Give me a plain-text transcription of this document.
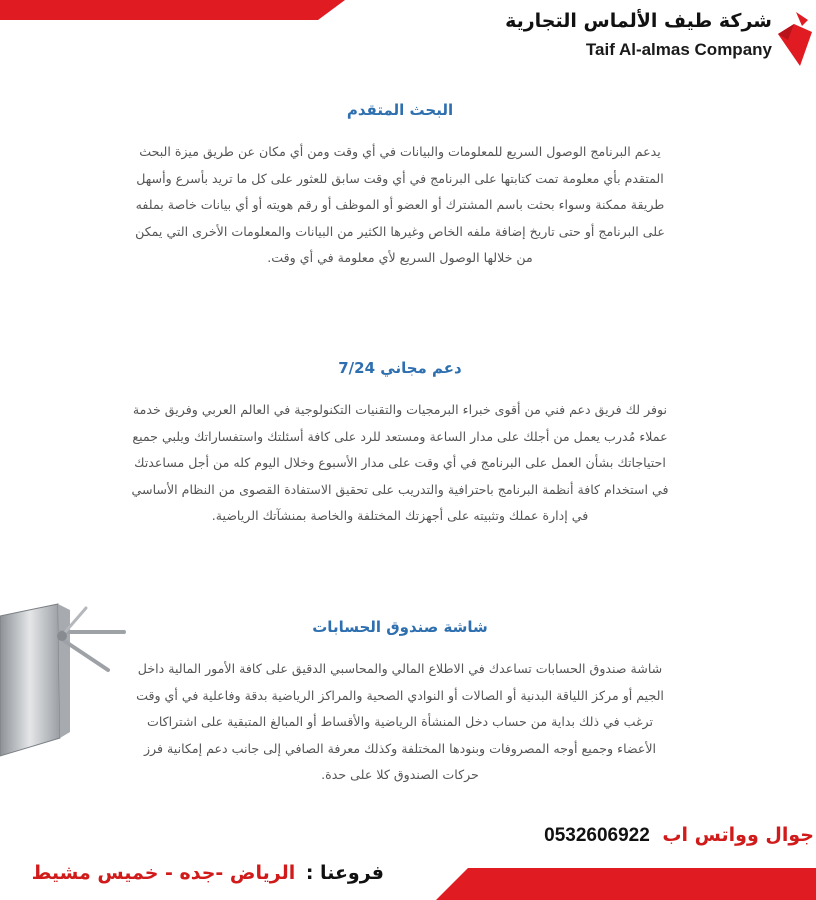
شركة طيف الألماس التجارية
Taif Al-almas Company
البحث المتقدم

يدعم البرنامج الوصول السريع للمعلومات والبيانات في أي وقت ومن أي مكان عن طريق ميزة البحث المتقدم بأي معلومة تمت كتابتها على البرنامج في أي وقت سابق للعثور على كل ما تريد بأسرع وأسهل طريقة ممكنة وسواء بحثت باسم المشترك أو العضو أو الموظف أو رقم هويته أو أي بيانات خاصة بملفه على البرنامج أو حتى تاريخ إضافة ملفه الخاص وغيرها الكثير من البيانات والمعلومات الأخرى التي يمكن من خلالها الوصول السريع لأي معلومة في أي وقت.

دعم مجاني 7/24

نوفر لك فريق دعم فني من أقوى خبراء البرمجيات والتقنيات التكنولوجية في العالم العربي وفريق خدمة عملاء مُدرب يعمل من أجلك على مدار الساعة ومستعد للرد على كافة أسئلتك واستفساراتك ويلبي جميع احتياجاتك بشأن العمل على البرنامج في أي وقت على مدار الأسبوع وخلال اليوم كله من أجل مساعدتك في استخدام كافة أنظمة البرنامج باحترافية والتدريب على تحقيق الاستفادة القصوى من النظام الأساسي في إدارة عملك وتثبيته على أجهزتك المختلفة والخاصة بمنشآتك الرياضية.

شاشة صندوق الحسابات

شاشة صندوق الحسابات تساعدك في الاطلاع المالي والمحاسبي الدقيق على كافة الأمور المالية داخل الجيم أو مركز اللياقة البدنية أو الصالات أو النوادي الصحية والمراكز الرياضية بدقة وفاعلية في أي وقت ترغب في ذلك بداية من حساب دخل المنشأة الرياضية والأقساط أو المبالغ المتبقية على اشتراكات الأعضاء وجميع أوجه المصروفات وبنودها المختلفة وكذلك معرفة الصافي إلى جانب دعم إمكانية فرز حركات الصندوق كلا على حدة.

جوال وواتس اب 0532606922
فروعنا : الرياض -جده - خميس مشيط
